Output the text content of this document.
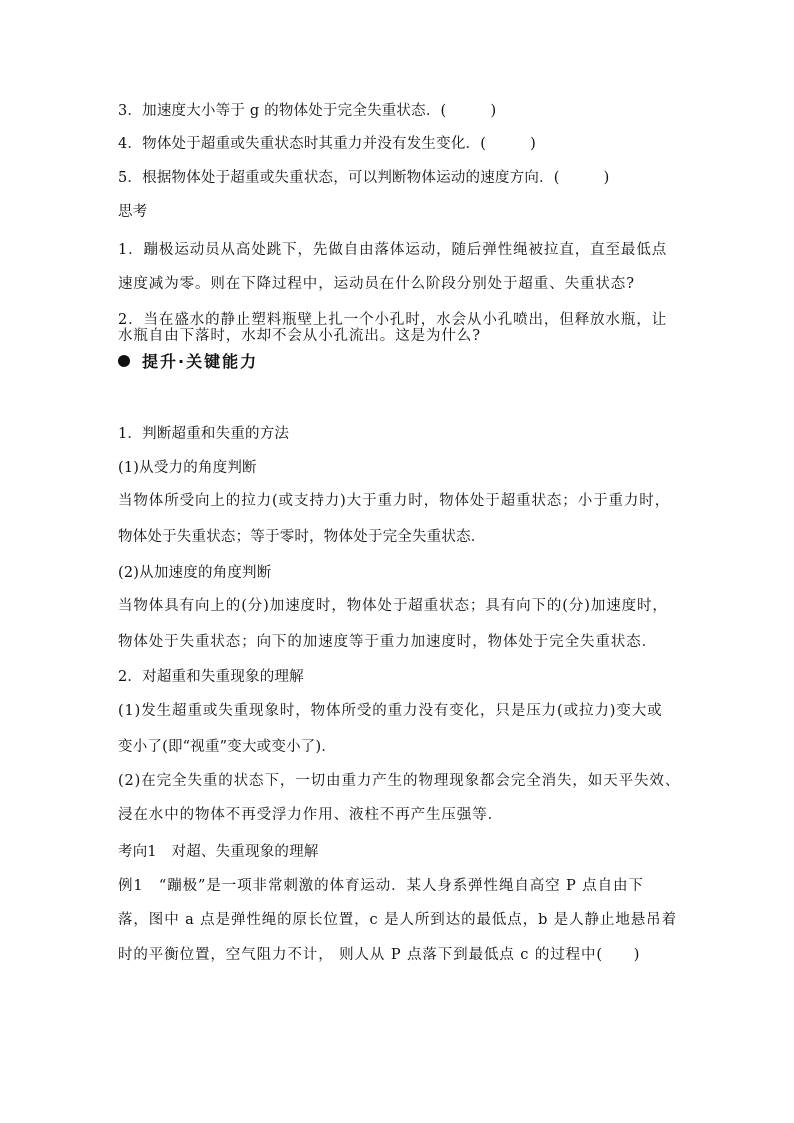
3．加速度大小等于 g 的物体处于完全失重状态．(　　　)
4．物体处于超重或失重状态时其重力并没有发生变化．(　　　)
5．根据物体处于超重或失重状态，可以判断物体运动的速度方向．(　　　)
思考
1．蹦极运动员从高处跳下，先做自由落体运动，随后弹性绳被拉直，直至最低点
速度减为零。则在下降过程中，运动员在什么阶段分别处于超重、失重状态?
2．当在盛水的静止塑料瓶壁上扎一个小孔时，水会从小孔喷出，但释放水瓶，让
提升·关键能力
水瓶自由下落时，水却不会从小孔流出。这是为什么?
1．判断超重和失重的方法
(1)从受力的角度判断
当物体所受向上的拉力(或支持力)大于重力时，物体处于超重状态；小于重力时，
物体处于失重状态；等于零时，物体处于完全失重状态．
(2)从加速度的角度判断
当物体具有向上的(分)加速度时，物体处于超重状态；具有向下的(分)加速度时，
物体处于失重状态；向下的加速度等于重力加速度时，物体处于完全失重状态．
2．对超重和失重现象的理解
(1)发生超重或失重现象时，物体所受的重力没有变化，只是压力(或拉力)变大或
变小了(即“视重”变大或变小了)．
(2)在完全失重的状态下，一切由重力产生的物理现象都会完全消失，如天平失效、
浸在水中的物体不再受浮力作用、液柱不再产生压强等．
考向1　对超、失重现象的理解
例1　“蹦极”是一项非常刺激的体育运动．某人身系弹性绳自高空 P 点自由下
落，图中 a 点是弹性绳的原长位置，c 是人所到达的最低点，b 是人静止地悬吊着
时的平衡位置，空气阻力不计， 则人从 P 点落下到最低点 c 的过程中(　　)
